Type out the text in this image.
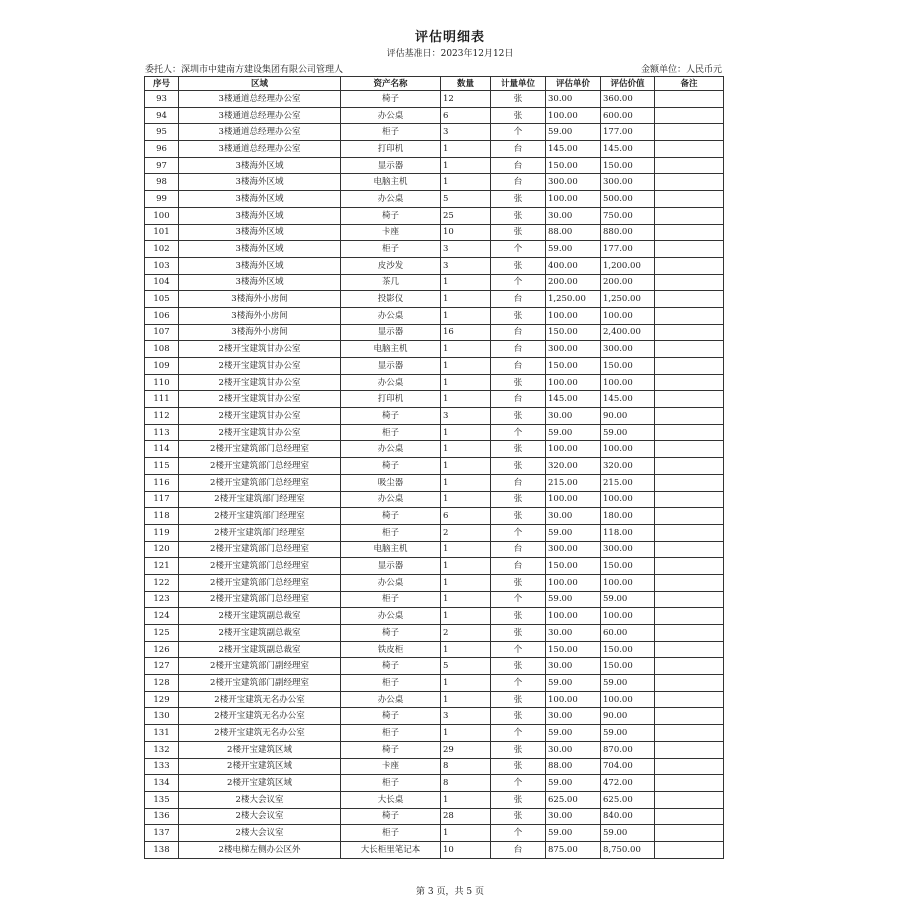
评估明细表
评估基准日：2023年12月12日
委托人：深圳市中建南方建设集团有限公司管理人	金额单位：人民币元
序号	区域	资产名称	数量	计量单位	评估单价	评估价值	备注
93	3楼通道总经理办公室	椅子	12	张	30.00	360.00	
94	3楼通道总经理办公室	办公桌	6	张	100.00	600.00	
95	3楼通道总经理办公室	柜子	3	个	59.00	177.00	
96	3楼通道总经理办公室	打印机	1	台	145.00	145.00	
97	3楼海外区域	显示器	1	台	150.00	150.00	
98	3楼海外区域	电脑主机	1	台	300.00	300.00	
99	3楼海外区域	办公桌	5	张	100.00	500.00	
100	3楼海外区域	椅子	25	张	30.00	750.00	
101	3楼海外区域	卡座	10	张	88.00	880.00	
102	3楼海外区域	柜子	3	个	59.00	177.00	
103	3楼海外区域	皮沙发	3	张	400.00	1,200.00	
104	3楼海外区域	茶几	1	个	200.00	200.00	
105	3楼海外小房间	投影仪	1	台	1,250.00	1,250.00	
106	3楼海外小房间	办公桌	1	张	100.00	100.00	
107	3楼海外小房间	显示器	16	台	150.00	2,400.00	
108	2楼开宝建筑甘办公室	电脑主机	1	台	300.00	300.00	
109	2楼开宝建筑甘办公室	显示器	1	台	150.00	150.00	
110	2楼开宝建筑甘办公室	办公桌	1	张	100.00	100.00	
111	2楼开宝建筑甘办公室	打印机	1	台	145.00	145.00	
112	2楼开宝建筑甘办公室	椅子	3	张	30.00	90.00	
113	2楼开宝建筑甘办公室	柜子	1	个	59.00	59.00	
114	2楼开宝建筑部门总经理室	办公桌	1	张	100.00	100.00	
115	2楼开宝建筑部门总经理室	椅子	1	张	320.00	320.00	
116	2楼开宝建筑部门总经理室	吸尘器	1	台	215.00	215.00	
117	2楼开宝建筑部门经理室	办公桌	1	张	100.00	100.00	
118	2楼开宝建筑部门经理室	椅子	6	张	30.00	180.00	
119	2楼开宝建筑部门经理室	柜子	2	个	59.00	118.00	
120	2楼开宝建筑部门总经理室	电脑主机	1	台	300.00	300.00	
121	2楼开宝建筑部门总经理室	显示器	1	台	150.00	150.00	
122	2楼开宝建筑部门总经理室	办公桌	1	张	100.00	100.00	
123	2楼开宝建筑部门总经理室	柜子	1	个	59.00	59.00	
124	2楼开宝建筑副总裁室	办公桌	1	张	100.00	100.00	
125	2楼开宝建筑副总裁室	椅子	2	张	30.00	60.00	
126	2楼开宝建筑副总裁室	铁皮柜	1	个	150.00	150.00	
127	2楼开宝建筑部门副经理室	椅子	5	张	30.00	150.00	
128	2楼开宝建筑部门副经理室	柜子	1	个	59.00	59.00	
129	2楼开宝建筑无名办公室	办公桌	1	张	100.00	100.00	
130	2楼开宝建筑无名办公室	椅子	3	张	30.00	90.00	
131	2楼开宝建筑无名办公室	柜子	1	个	59.00	59.00	
132	2楼开宝建筑区域	椅子	29	张	30.00	870.00	
133	2楼开宝建筑区域	卡座	8	张	88.00	704.00	
134	2楼开宝建筑区域	柜子	8	个	59.00	472.00	
135	2楼大会议室	大长桌	1	张	625.00	625.00	
136	2楼大会议室	椅子	28	张	30.00	840.00	
137	2楼大会议室	柜子	1	个	59.00	59.00	
138	2楼电梯左侧办公区外	大长柜里笔记本	10	台	875.00	8,750.00	
第 3 页，共 5 页
